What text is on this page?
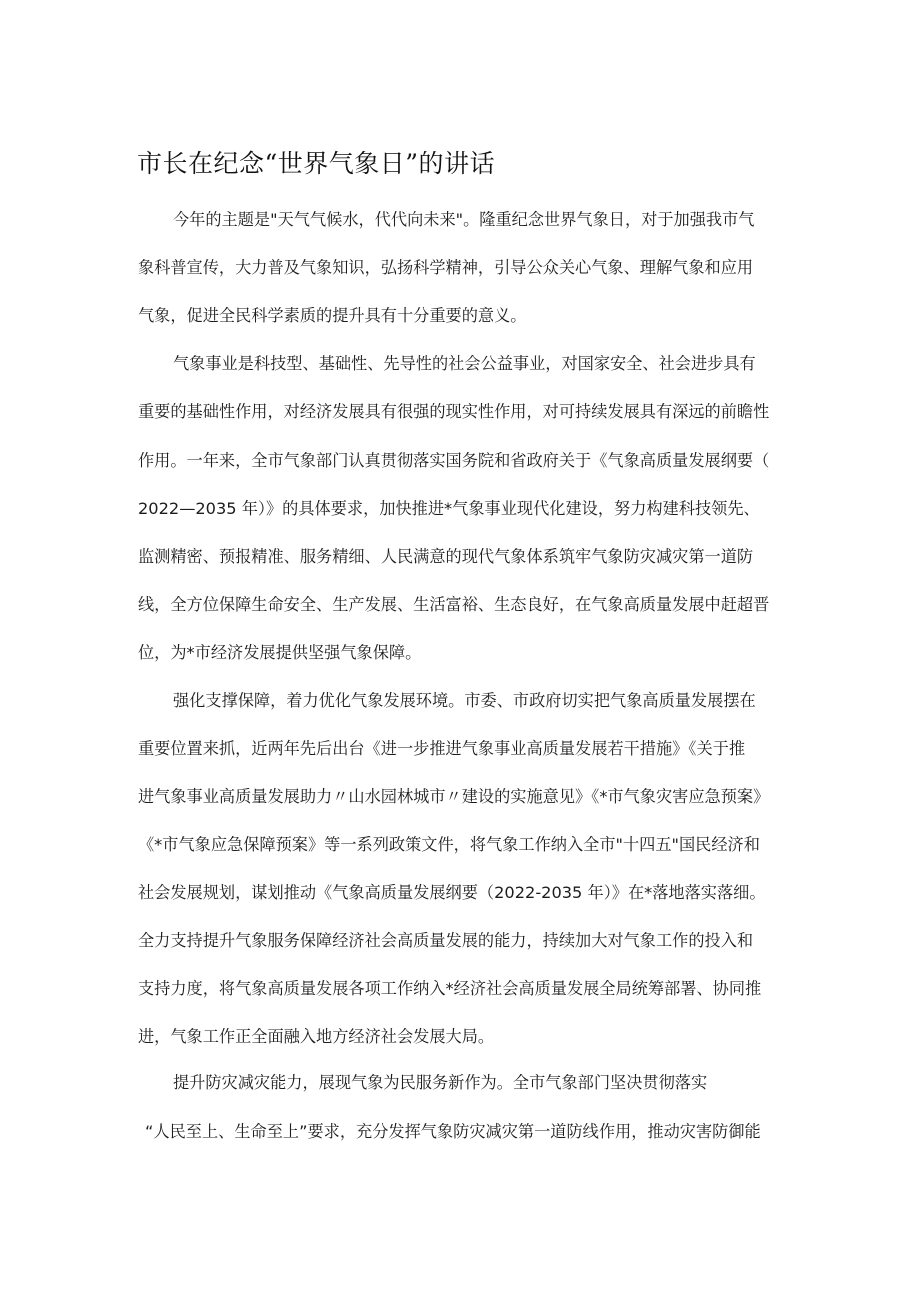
市长在纪念“世界气象日”的讲话

今年的主题是"天气气候水，代代向未来"。隆重纪念世界气象日，对于加强我市气

象科普宣传，大力普及气象知识，弘扬科学精神，引导公众关心气象、理解气象和应用

气象，促进全民科学素质的提升具有十分重要的意义。

气象事业是科技型、基础性、先导性的社会公益事业，对国家安全、社会进步具有

重要的基础性作用，对经济发展具有很强的现实性作用，对可持续发展具有深远的前瞻性

作用。一年来，全市气象部门认真贯彻落实国务院和省政府关于《气象高质量发展纲要（

2022—2035 年）》的具体要求，加快推进*气象事业现代化建设，努力构建科技领先、

监测精密、预报精准、服务精细、人民满意的现代气象体系筑牢气象防灾减灾第一道防

线，全方位保障生命安全、生产发展、生活富裕、生态良好，在气象高质量发展中赶超晋

位，为*市经济发展提供坚强气象保障。

强化支撑保障，着力优化气象发展环境。市委、市政府切实把气象高质量发展摆在

重要位置来抓，近两年先后出台《进一步推进气象事业高质量发展若干措施》《关于推

进气象事业高质量发展助力〃山水园林城市〃建设的实施意见》《*市气象灾害应急预案》

《*市气象应急保障预案》等一系列政策文件，将气象工作纳入全市"十四五"国民经济和

社会发展规划，谋划推动《气象高质量发展纲要（2022-2035 年）》在*落地落实落细。

全力支持提升气象服务保障经济社会高质量发展的能力，持续加大对气象工作的投入和

支持力度，将气象高质量发展各项工作纳入*经济社会高质量发展全局统筹部署、协同推

进，气象工作正全面融入地方经济社会发展大局。

提升防灾减灾能力，展现气象为民服务新作为。全市气象部门坚决贯彻落实

“人民至上、生命至上”要求，充分发挥气象防灾减灾第一道防线作用，推动灾害防御能
